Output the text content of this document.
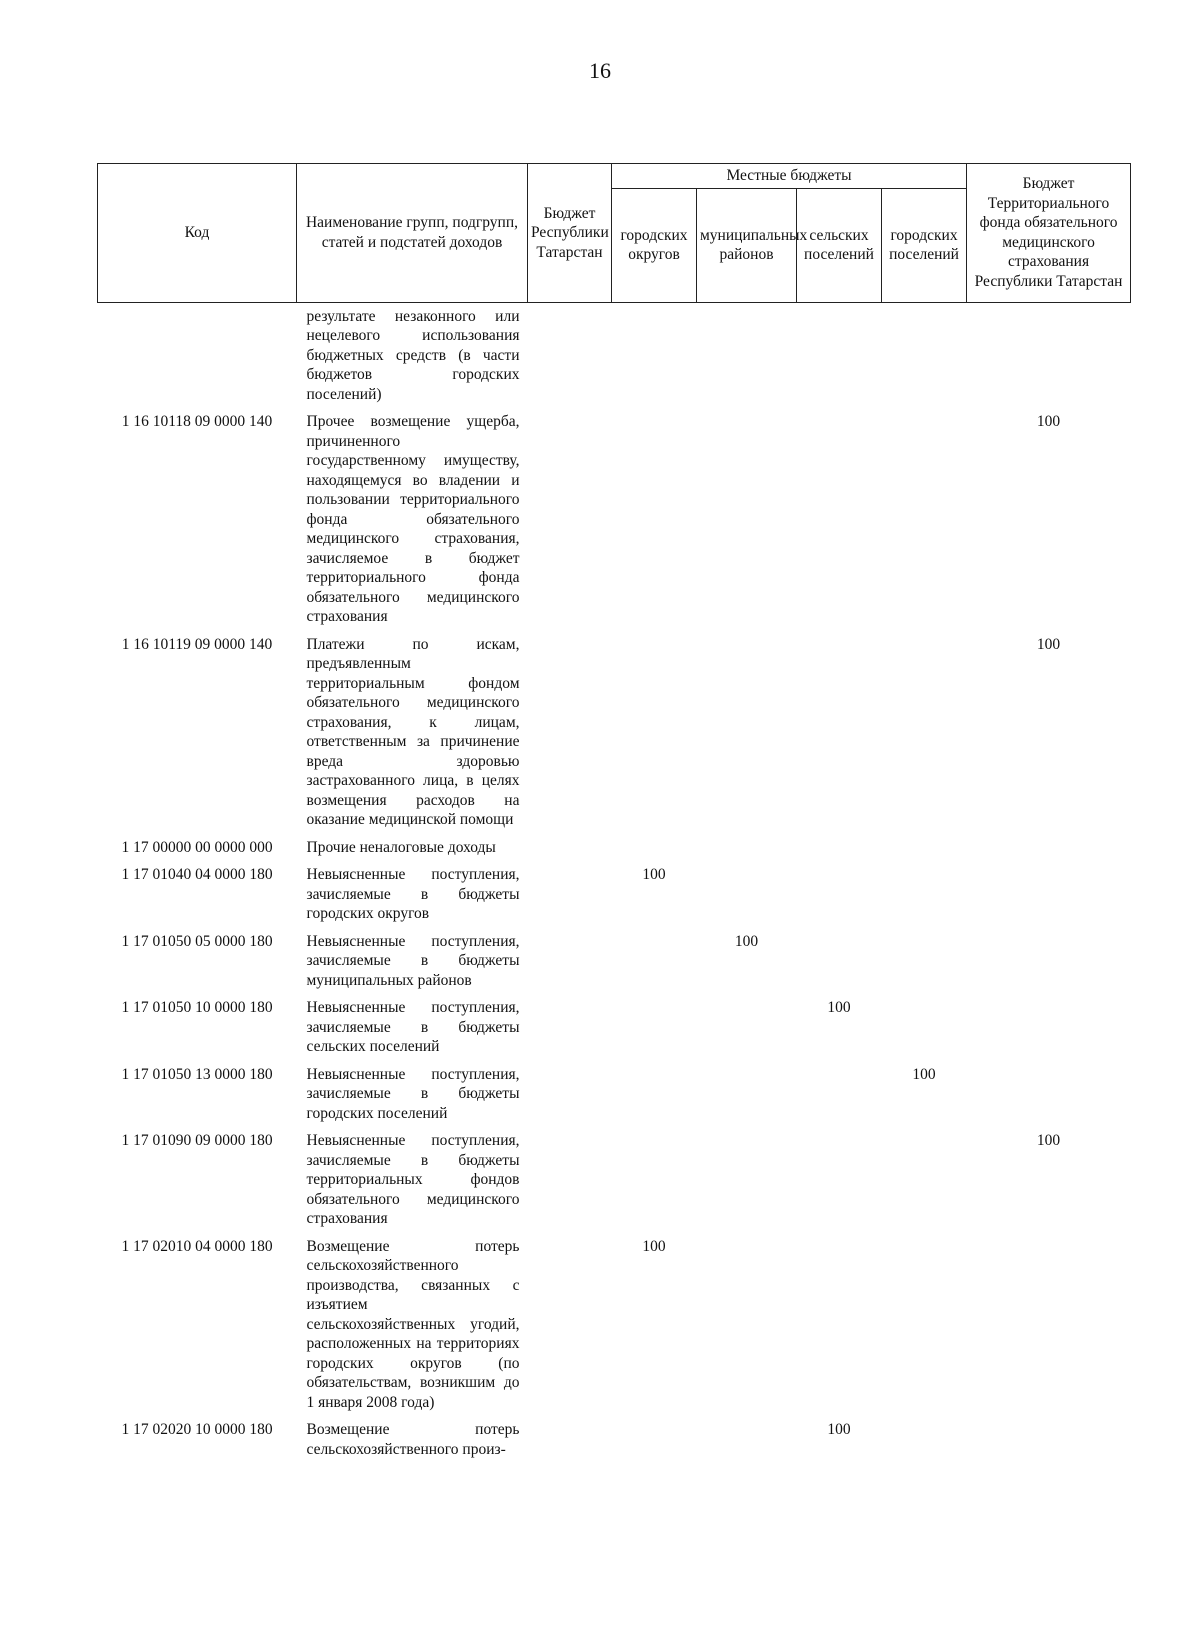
16
Код	Наименование групп, подгрупп, статей и подстатей доходов	Бюджет Республики Татарстан	Местные бюджеты				Бюджет Территориального фонда обязательного медицинского страхования Республики Татарстан
			городских округов	муниципальных районов	сельских поселений	городских поселений	
	результате незаконного или нецелевого использования бюджетных средств (в части бюджетов городских поселений)						
1 16 10118 09 0000 140	Прочее возмещение ущерба, причиненного государственному имуществу, находящемуся во владении и пользовании территориального фонда обязательного медицинского страхования, зачисляемое в бюджет территориального фонда обязательного медицинского страхования						100
1 16 10119 09 0000 140	Платежи по искам, предъявленным территориальным фондом обязательного медицинского страхования, к лицам, ответственным за причинение вреда здоровью застрахованного лица, в целях возмещения расходов на оказание медицинской помощи						100
1 17 00000 00 0000 000	Прочие неналоговые доходы						
1 17 01040 04 0000 180	Невыясненные поступления, зачисляемые в бюджеты городских округов		100				
1 17 01050 05 0000 180	Невыясненные поступления, зачисляемые в бюджеты муниципальных районов			100			
1 17 01050 10 0000 180	Невыясненные поступления, зачисляемые в бюджеты сельских поселений				100		
1 17 01050 13 0000 180	Невыясненные поступления, зачисляемые в бюджеты городских поселений					100	
1 17 01090 09 0000 180	Невыясненные поступления, зачисляемые в бюджеты территориальных фондов обязательного медицинского страхования						100
1 17 02010 04 0000 180	Возмещение потерь сельскохозяйственного производства, связанных с изъятием сельскохозяйственных угодий, расположенных на территориях городских округов (по обязательствам, возникшим до 1 января 2008 года)		100				
1 17 02020 10 0000 180	Возмещение потерь сельскохозяйственного произ-				100		
